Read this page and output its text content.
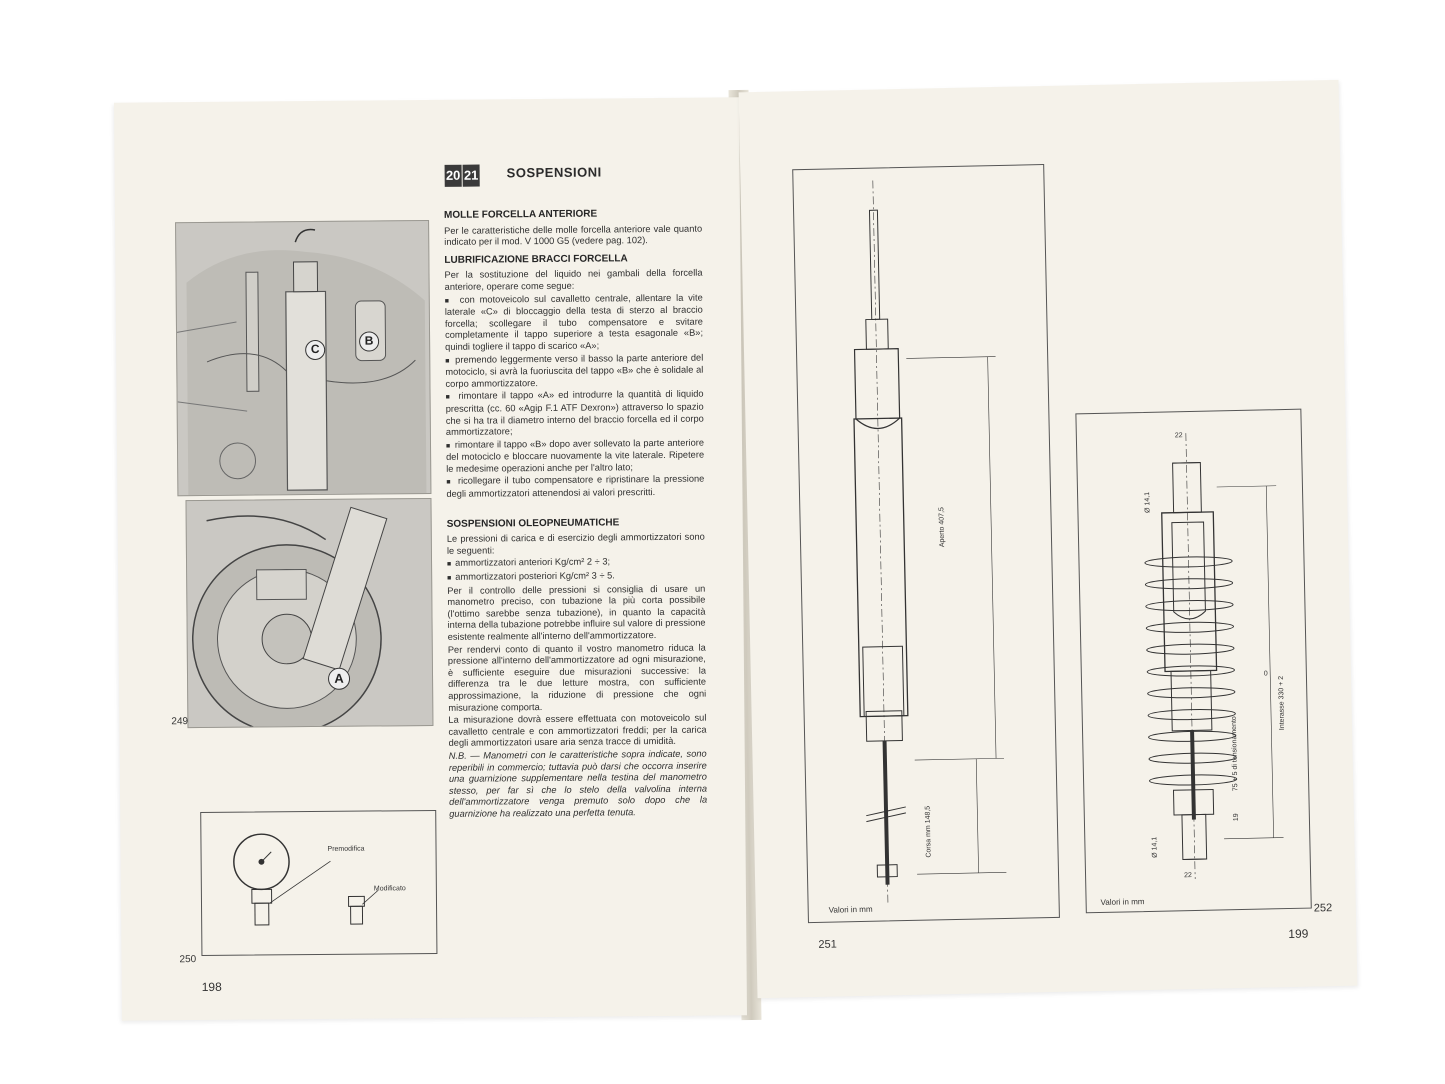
20 21 SOSPENSIONI
C
B
A
249
Premodifica
Modificato
250
198
MOLLE FORCELLA ANTERIORE

Per le caratteristiche delle molle forcella anteriore vale quanto indicato per il mod. V 1000 G5 (vedere pag. 102).

LUBRIFICAZIONE BRACCI FORCELLA

Per la sostituzione del liquido nei gambali della forcella anteriore, operare come segue:

■  con motoveicolo sul cavalletto centrale, allentare la vite laterale «C» di bloccaggio della testa di sterzo al braccio forcella; scollegare il tubo compensatore e svitare completamente il tappo superiore a testa esagonale «B»; quindi togliere il tappo di scarico «A»;

■  premendo leggermente verso il basso la parte anteriore del motociclo, si avrà la fuoriuscita del tappo «B» che è solidale al corpo ammortizzatore.

■  rimontare il tappo «A» ed introdurre la quantità di liquido prescritta (cc. 60 «Agip F.1 ATF Dexron») attraverso lo spazio che si ha tra il diametro interno del braccio forcella ed il corpo ammortizzatore;

■  rimontare il tappo «B» dopo aver sollevato la parte anteriore del motociclo e bloccare nuovamente la vite laterale. Ripetere le medesime operazioni anche per l'altro lato;

■  ricollegare il tubo compensatore e ripristinare la pressione degli ammortizzatori attenendosi ai valori prescritti.

SOSPENSIONI OLEOPNEUMATICHE

Le pressioni di carica e di esercizio degli ammortizzatori sono le seguenti:

■  ammortizzatori anteriori Kg/cm² 2 ÷ 3;

■  ammortizzatori posteriori Kg/cm² 3 ÷ 5.

Per il controllo delle pressioni si consiglia di usare un manometro preciso, con tubazione la più corta possibile (l'ottimo sarebbe senza tubazione), in quanto la capacità interna della tubazione potrebbe influire sul valore di pressione esistente realmente all'interno dell'ammortizzatore.

Per rendervi conto di quanto il vostro manometro riduca la pressione all'interno dell'ammortizzatore ad ogni misurazione, è sufficiente eseguire due misurazioni successive: la differenza tra le due letture mostra, con sufficiente approssimazione, la riduzione di pressione che ogni misurazione comporta.

La misurazione dovrà essere effettuata con motoveicolo sul cavalletto centrale e con ammortizzatori freddi; per la carica degli ammortizzatori usare aria senza tracce di umidità.

N.B. — Manometri con le caratteristiche sopra indicate, sono reperibili in commercio; tuttavia può darsi che occorra inserire una guarnizione supplementare nella testina del manometro stesso, per far sì che lo stelo della valvolina interna dell'ammortizzatore venga premuto solo dopo che la guarnizione ha realizzato una perfetta tenuta.

Aperto 407,5
Corsa mm 148,5
Valori in mm
251
22
22
Ø 14,1
Ø 14,1
Interasse 330 + 2
0
75 + 5 di tensionamento
19
Valori in mm
252
199
